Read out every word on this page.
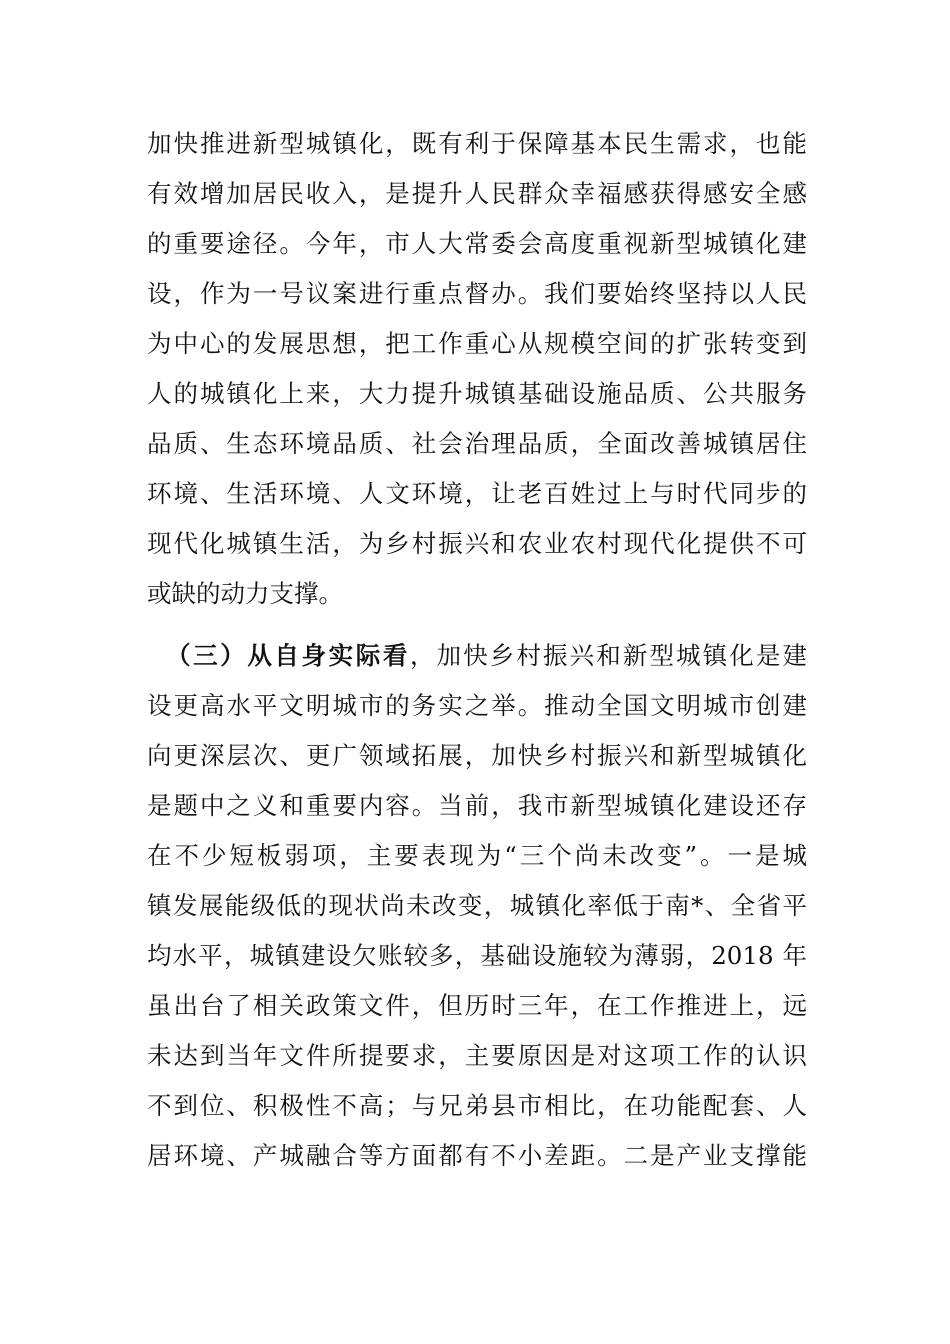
加快推进新型城镇化，既有利于保障基本民生需求，也能
有效增加居民收入，是提升人民群众幸福感获得感安全感
的重要途径。今年，市人大常委会高度重视新型城镇化建
设，作为一号议案进行重点督办。我们要始终坚持以人民
为中心的发展思想，把工作重心从规模空间的扩张转变到
人的城镇化上来，大力提升城镇基础设施品质、公共服务
品质、生态环境品质、社会治理品质，全面改善城镇居住
环境、生活环境、人文环境，让老百姓过上与时代同步的
现代化城镇生活，为乡村振兴和农业农村现代化提供不可
或缺的动力支撑。
（三）从自身实际看，加快乡村振兴和新型城镇化是建
设更高水平文明城市的务实之举。推动全国文明城市创建
向更深层次、更广领域拓展，加快乡村振兴和新型城镇化
是题中之义和重要内容。当前，我市新型城镇化建设还存
在不少短板弱项，主要表现为“三个尚未改变”。一是城
镇发展能级低的现状尚未改变，城镇化率低于南*、全省平
均水平，城镇建设欠账较多，基础设施较为薄弱，2018 年
虽出台了相关政策文件，但历时三年，在工作推进上，远
未达到当年文件所提要求，主要原因是对这项工作的认识
不到位、积极性不高；与兄弟县市相比，在功能配套、人
居环境、产城融合等方面都有不小差距。二是产业支撑能
